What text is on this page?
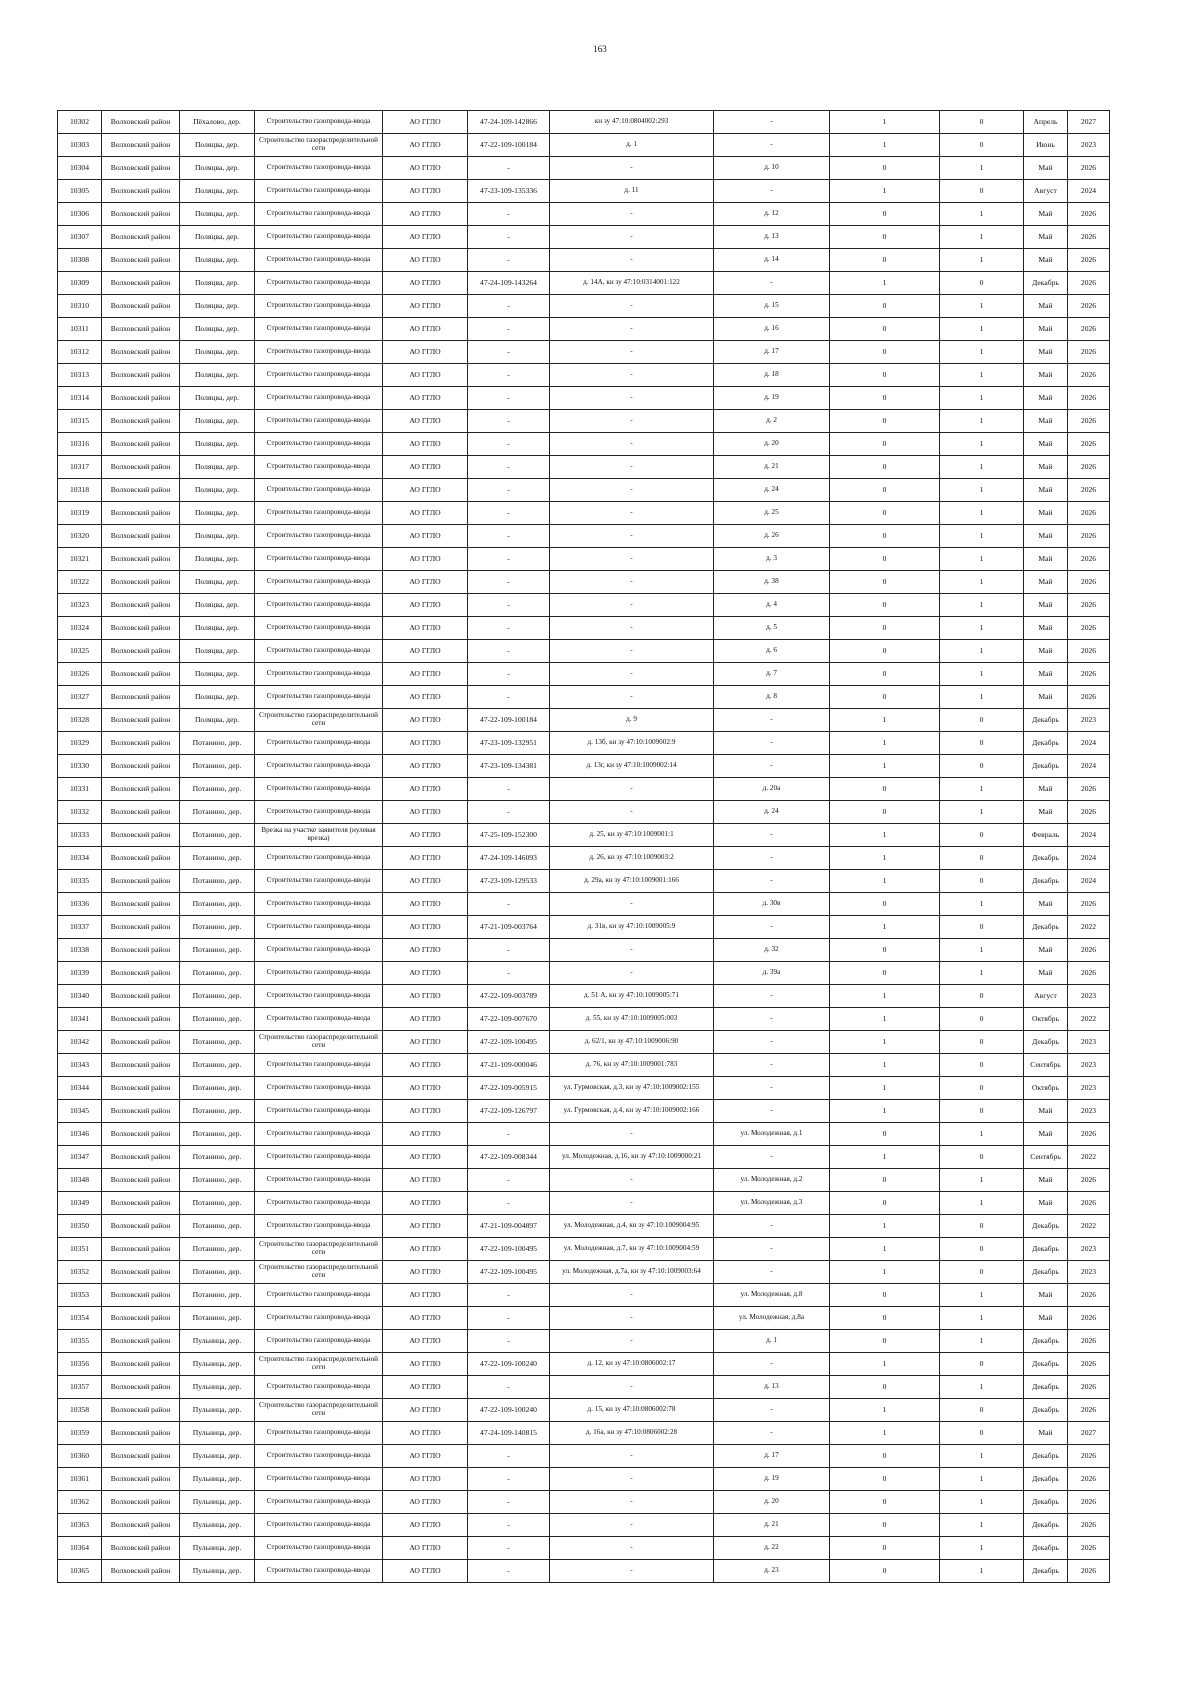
163
10302	Волховский район	Пёхалово, дер.	Строительство газопровода-ввода	АО ГГЛО	47-24-109-142866	кн зу 47:10:0804002:293	-	1	0	Апрель	2027
10303	Волховский район	Поляцва, дер.	Строительство газораспределительной сети	АО ГГЛО	47-22-109-100184	д. 1	-	1	0	Июнь	2023
10304	Волховский район	Поляцва, дер.	Строительство газопровода-ввода	АО ГГЛО	-	-	д. 10	0	1	Май	2026
10305	Волховский район	Поляцва, дер.	Строительство газопровода-ввода	АО ГГЛО	47-23-109-135336	д. 11	-	1	0	Август	2024
10306	Волховский район	Поляцва, дер.	Строительство газопровода-ввода	АО ГГЛО	-	-	д. 12	0	1	Май	2026
10307	Волховский район	Поляцва, дер.	Строительство газопровода-ввода	АО ГГЛО	-	-	д. 13	0	1	Май	2026
10308	Волховский район	Поляцва, дер.	Строительство газопровода-ввода	АО ГГЛО	-	-	д. 14	0	1	Май	2026
10309	Волховский район	Поляцва, дер.	Строительство газопровода-ввода	АО ГГЛО	47-24-109-143264	д. 14А, кн зу 47:10:0314001:122	-	1	0	Декабрь	2026
10310	Волховский район	Поляцва, дер.	Строительство газопровода-ввода	АО ГГЛО	-	-	д. 15	0	1	Май	2026
10311	Волховский район	Поляцва, дер.	Строительство газопровода-ввода	АО ГГЛО	-	-	д. 16	0	1	Май	2026
10312	Волховский район	Поляцва, дер.	Строительство газопровода-ввода	АО ГГЛО	-	-	д. 17	0	1	Май	2026
10313	Волховский район	Поляцва, дер.	Строительство газопровода-ввода	АО ГГЛО	-	-	д. 18	0	1	Май	2026
10314	Волховский район	Поляцва, дер.	Строительство газопровода-ввода	АО ГГЛО	-	-	д. 19	0	1	Май	2026
10315	Волховский район	Поляцва, дер.	Строительство газопровода-ввода	АО ГГЛО	-	-	д. 2	0	1	Май	2026
10316	Волховский район	Поляцва, дер.	Строительство газопровода-ввода	АО ГГЛО	-	-	д. 20	0	1	Май	2026
10317	Волховский район	Поляцва, дер.	Строительство газопровода-ввода	АО ГГЛО	-	-	д. 21	0	1	Май	2026
10318	Волховский район	Поляцва, дер.	Строительство газопровода-ввода	АО ГГЛО	-	-	д. 24	0	1	Май	2026
10319	Волховский район	Поляцва, дер.	Строительство газопровода-ввода	АО ГГЛО	-	-	д. 25	0	1	Май	2026
10320	Волховский район	Поляцва, дер.	Строительство газопровода-ввода	АО ГГЛО	-	-	д. 26	0	1	Май	2026
10321	Волховский район	Поляцва, дер.	Строительство газопровода-ввода	АО ГГЛО	-	-	д. 3	0	1	Май	2026
10322	Волховский район	Поляцва, дер.	Строительство газопровода-ввода	АО ГГЛО	-	-	д. 38	0	1	Май	2026
10323	Волховский район	Поляцва, дер.	Строительство газопровода-ввода	АО ГГЛО	-	-	д. 4	0	1	Май	2026
10324	Волховский район	Поляцва, дер.	Строительство газопровода-ввода	АО ГГЛО	-	-	д. 5	0	1	Май	2026
10325	Волховский район	Поляцва, дер.	Строительство газопровода-ввода	АО ГГЛО	-	-	д. 6	0	1	Май	2026
10326	Волховский район	Поляцва, дер.	Строительство газопровода-ввода	АО ГГЛО	-	-	д. 7	0	1	Май	2026
10327	Волховский район	Поляцва, дер.	Строительство газопровода-ввода	АО ГГЛО	-	-	д. 8	0	1	Май	2026
10328	Волховский район	Поляцва, дер.	Строительство газораспределительной сети	АО ГГЛО	47-22-109-100184	д. 9	-	1	0	Декабрь	2023
10329	Волховский район	Потанино, дер.	Строительство газопровода-ввода	АО ГГЛО	47-23-109-132951	д. 13б, кн зу 47:10:1009002:9	-	1	0	Декабрь	2024
10330	Волховский район	Потанино, дер.	Строительство газопровода-ввода	АО ГГЛО	47-23-109-134381	д. 13г, кн зу 47:10:1009002:14	-	1	0	Декабрь	2024
10331	Волховский район	Потанино, дер.	Строительство газопровода-ввода	АО ГГЛО	-	-	д. 20а	0	1	Май	2026
10332	Волховский район	Потанино, дер.	Строительство газопровода-ввода	АО ГГЛО	-	-	д. 24	0	1	Май	2026
10333	Волховский район	Потанино, дер.	Врезка на участке заявителя (нулевая врезка)	АО ГГЛО	47-25-109-152300	д. 25, кн зу 47:10:1009001:1	-	1	0	Февраль	2024
10334	Волховский район	Потанино, дер.	Строительство газопровода-ввода	АО ГГЛО	47-24-109-146093	д. 26, кн зу 47:10:1009003:2	-	1	0	Декабрь	2024
10335	Волховский район	Потанино, дер.	Строительство газопровода-ввода	АО ГГЛО	47-23-109-129533	д. 29а, кн зу 47:10:1009001:166	-	1	0	Декабрь	2024
10336	Волховский район	Потанино, дер.	Строительство газопровода-ввода	АО ГГЛО	-	-	д. 30в	0	1	Май	2026
10337	Волховский район	Потанино, дер.	Строительство газопровода-ввода	АО ГГЛО	47-21-109-003764	д. 31в, кн зу 47:10:1009005:9	-	1	0	Декабрь	2022
10338	Волховский район	Потанино, дер.	Строительство газопровода-ввода	АО ГГЛО	-	-	д. 32	0	1	Май	2026
10339	Волховский район	Потанино, дер.	Строительство газопровода-ввода	АО ГГЛО	-	-	д. 39а	0	1	Май	2026
10340	Волховский район	Потанино, дер.	Строительство газопровода-ввода	АО ГГЛО	47-22-109-003789	д. 51 А, кн зу 47:10:1009005:71	-	1	0	Август	2023
10341	Волховский район	Потанино, дер.	Строительство газопровода-ввода	АО ГГЛО	47-22-109-007670	д. 55, кн зу 47:10:1009005:003	-	1	0	Октябрь	2022
10342	Волховский район	Потанино, дер.	Строительство газораспределительной сети	АО ГГЛО	47-22-109-100495	д. 62/1, кн зу 47:10:1009006:90	-	1	0	Декабрь	2023
10343	Волховский район	Потанино, дер.	Строительство газопровода-ввода	АО ГГЛО	47-21-109-000046	д. 76, кн зу 47:10:1009001:783	-	1	0	Сентябрь	2023
10344	Волховский район	Потанино, дер.	Строительство газопровода-ввода	АО ГГЛО	47-22-109-005915	ул. Гурмовская, д.3, кн зу 47:10:1009002:155	-	1	0	Октябрь	2023
10345	Волховский район	Потанино, дер.	Строительство газопровода-ввода	АО ГГЛО	47-22-109-126797	ул. Гурмовская, д.4, кн зу 47:10:1009002:166	-	1	0	Май	2023
10346	Волховский район	Потанино, дер.	Строительство газопровода-ввода	АО ГГЛО	-	-	ул. Молодежная, д.1	0	1	Май	2026
10347	Волховский район	Потанино, дер.	Строительство газопровода-ввода	АО ГГЛО	47-22-109-008344	ул. Молодежная, д.16, кн зу 47:10:1009000:21	-	1	0	Сентябрь	2022
10348	Волховский район	Потанино, дер.	Строительство газопровода-ввода	АО ГГЛО	-	-	ул. Молодежная, д.2	0	1	Май	2026
10349	Волховский район	Потанино, дер.	Строительство газопровода-ввода	АО ГГЛО	-	-	ул. Молодежная, д.3	0	1	Май	2026
10350	Волховский район	Потанино, дер.	Строительство газопровода-ввода	АО ГГЛО	47-21-109-004897	ул. Молодежная, д.4, кн зу 47:10:1009004:95	-	1	0	Декабрь	2022
10351	Волховский район	Потанино, дер.	Строительство газораспределительной сети	АО ГГЛО	47-22-109-100495	ул. Молодежная, д.7, кн зу 47:10:1009004:59	-	1	0	Декабрь	2023
10352	Волховский район	Потанино, дер.	Строительство газораспределительной сети	АО ГГЛО	47-22-109-100495	ул. Молодежная, д.7а, кн зу 47:10:1009003:64	-	1	0	Декабрь	2023
10353	Волховский район	Потанино, дер.	Строительство газопровода-ввода	АО ГГЛО	-	-	ул. Молодежная, д.8	0	1	Май	2026
10354	Волховский район	Потанино, дер.	Строительство газопровода-ввода	АО ГГЛО	-	-	ул. Молодежная, д.8а	0	1	Май	2026
10355	Волховский район	Пульница, дер.	Строительство газопровода-ввода	АО ГГЛО	-	-	д. 1	0	1	Декабрь	2026
10356	Волховский район	Пульница, дер.	Строительство газораспределительной сети	АО ГГЛО	47-22-109-100240	д. 12, кн зу 47:10:0806002:17	-	1	0	Декабрь	2026
10357	Волховский район	Пульница, дер.	Строительство газопровода-ввода	АО ГГЛО	-	-	д. 13	0	1	Декабрь	2026
10358	Волховский район	Пульница, дер.	Строительство газораспределительной сети	АО ГГЛО	47-22-109-100240	д. 15, кн зу 47:10:0806002:78	-	1	0	Декабрь	2026
10359	Волховский район	Пульница, дер.	Строительство газопровода-ввода	АО ГГЛО	47-24-109-140815	д. 16а, кн зу 47:10:0806002:28	-	1	0	Май	2027
10360	Волховский район	Пульница, дер.	Строительство газопровода-ввода	АО ГГЛО	-	-	д. 17	0	1	Декабрь	2026
10361	Волховский район	Пульница, дер.	Строительство газопровода-ввода	АО ГГЛО	-	-	д. 19	0	1	Декабрь	2026
10362	Волховский район	Пульница, дер.	Строительство газопровода-ввода	АО ГГЛО	-	-	д. 20	0	1	Декабрь	2026
10363	Волховский район	Пульница, дер.	Строительство газопровода-ввода	АО ГГЛО	-	-	д. 21	0	1	Декабрь	2026
10364	Волховский район	Пульница, дер.	Строительство газопровода-ввода	АО ГГЛО	-	-	д. 22	0	1	Декабрь	2026
10365	Волховский район	Пульница, дер.	Строительство газопровода-ввода	АО ГГЛО	-	-	д. 23	0	1	Декабрь	2026
